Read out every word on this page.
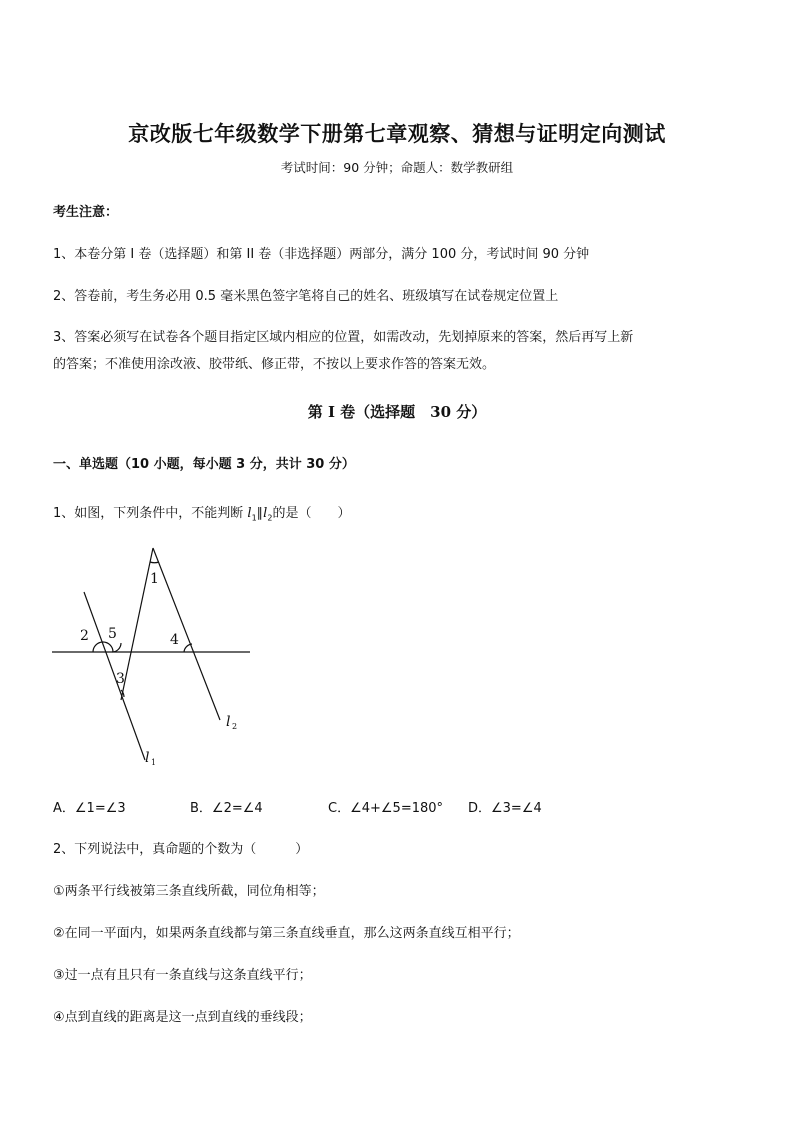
京改版七年级数学下册第七章观察、猜想与证明定向测试
考试时间：90 分钟；命题人：数学教研组
考生注意：
1、本卷分第 I 卷（选择题）和第 II 卷（非选择题）两部分，满分 100 分，考试时间 90 分钟
2、答卷前，考生务必用 0.5 毫米黑色签字笔将自己的姓名、班级填写在试卷规定位置上
3、答案必须写在试卷各个题目指定区域内相应的位置，如需改动，先划掉原来的答案，然后再写上新
的答案；不准使用涂改液、胶带纸、修正带，不按以上要求作答的答案无效。
第 I 卷（选择题　30 分）
一、单选题（10 小题，每小题 3 分，共计 30 分）
1、如图，下列条件中，不能判断 $l_1\parallel l_2$的是（　　）
1
2 5
3
4
l 1
l 2
A．∠1=∠3	B．∠2=∠4	C．∠4+∠5=180° D．∠3=∠4
2、下列说法中，真命题的个数为（　　　）
①两条平行线被第三条直线所截，同位角相等；
②在同一平面内，如果两条直线都与第三条直线垂直，那么这两条直线互相平行；
③过一点有且只有一条直线与这条直线平行；
④点到直线的距离是这一点到直线的垂线段；
